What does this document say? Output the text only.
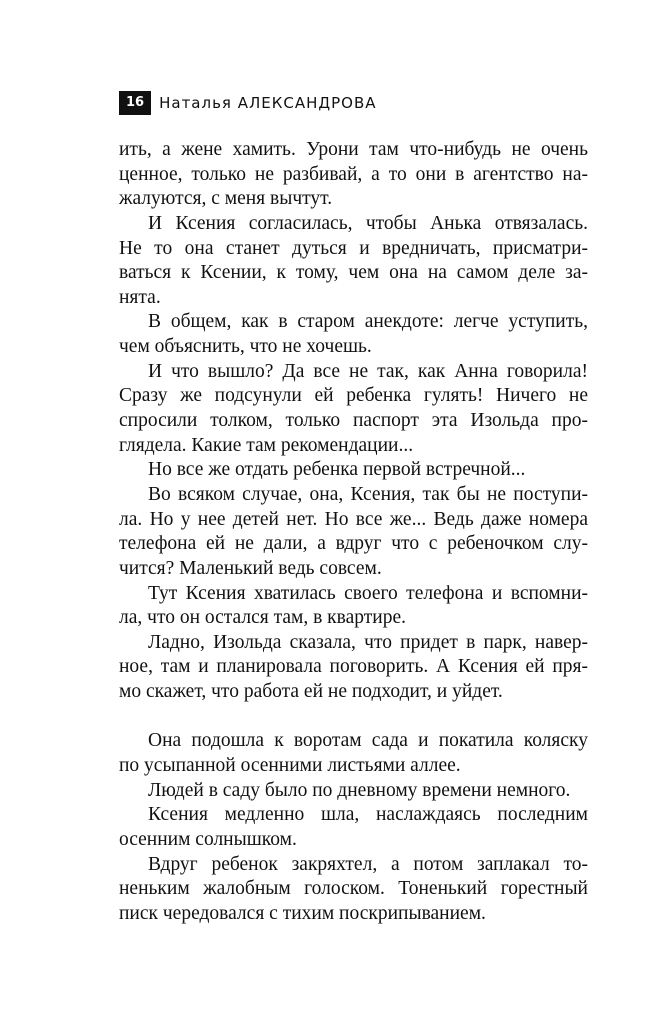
16	Наталья АЛЕКСАНДРОВА
ить, а жене хамить. Урони там что-нибудь не очень
ценное, только не разбивай, а то они в агентство на-
жалуются, с меня вычтут.
И Ксения согласилась, чтобы Анька отвязалась.
Не то она станет дуться и вредничать, присматри-
ваться к Ксении, к тому, чем она на самом деле за-
нята.
В общем, как в старом анекдоте: легче уступить,
чем объяснить, что не хочешь.
И что вышло? Да все не так, как Анна говорила!
Сразу же подсунули ей ребенка гулять! Ничего не
спросили толком, только паспорт эта Изольда про-
глядела. Какие там рекомендации...
Но все же отдать ребенка первой встречной...
Во всяком случае, она, Ксения, так бы не поступи-
ла. Но у нее детей нет. Но все же... Ведь даже номера
телефона ей не дали, а вдруг что с ребеночком слу-
чится? Маленький ведь совсем.
Тут Ксения хватилась своего телефона и вспомни-
ла, что он остался там, в квартире.
Ладно, Изольда сказала, что придет в парк, навер-
ное, там и планировала поговорить. А Ксения ей пря-
мо скажет, что работа ей не подходит, и уйдет.
Она подошла к воротам сада и покатила коляску
по усыпанной осенними листьями аллее.
Людей в саду было по дневному времени немного.
Ксения медленно шла, наслаждаясь последним
осенним солнышком.
Вдруг ребенок закряхтел, а потом заплакал то-
неньким жалобным голоском. Тоненький горестный
писк чередовался с тихим поскрипыванием.
